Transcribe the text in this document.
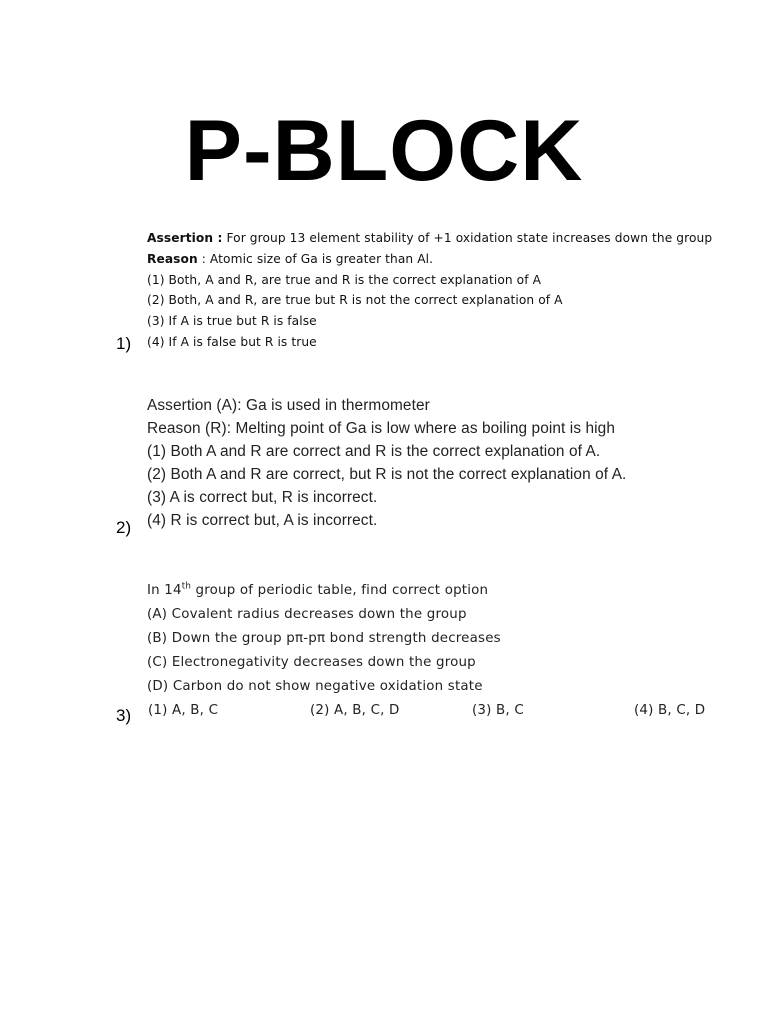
P-BLOCK
Assertion : For group 13 element stability of +1 oxidation state increases down the group
Reason : Atomic size of Ga is greater than Al.
(1) Both, A and R, are true and R is the correct explanation of A
(2) Both, A and R, are true but R is not the correct explanation of A
(3) If A is true but R is false
(4) If A is false but R is true
1)
Assertion (A): Ga is used in thermometer
Reason (R): Melting point of Ga is low where as boiling point is high
(1) Both A and R are correct and R is the correct explanation of A.
(2) Both A and R are correct, but R is not the correct explanation of A.
(3) A is correct but, R is incorrect.
(4) R is correct but, A is incorrect.
2)
In 14th group of periodic table, find correct option
(A) Covalent radius decreases down the group
(B) Down the group pπ-pπ bond strength decreases
(C) Electronegativity decreases down the group
(D) Carbon do not show negative oxidation state
(1) A, B, C	(2) A, B, C, D	(3) B, C	(4) B, C, D
3)
